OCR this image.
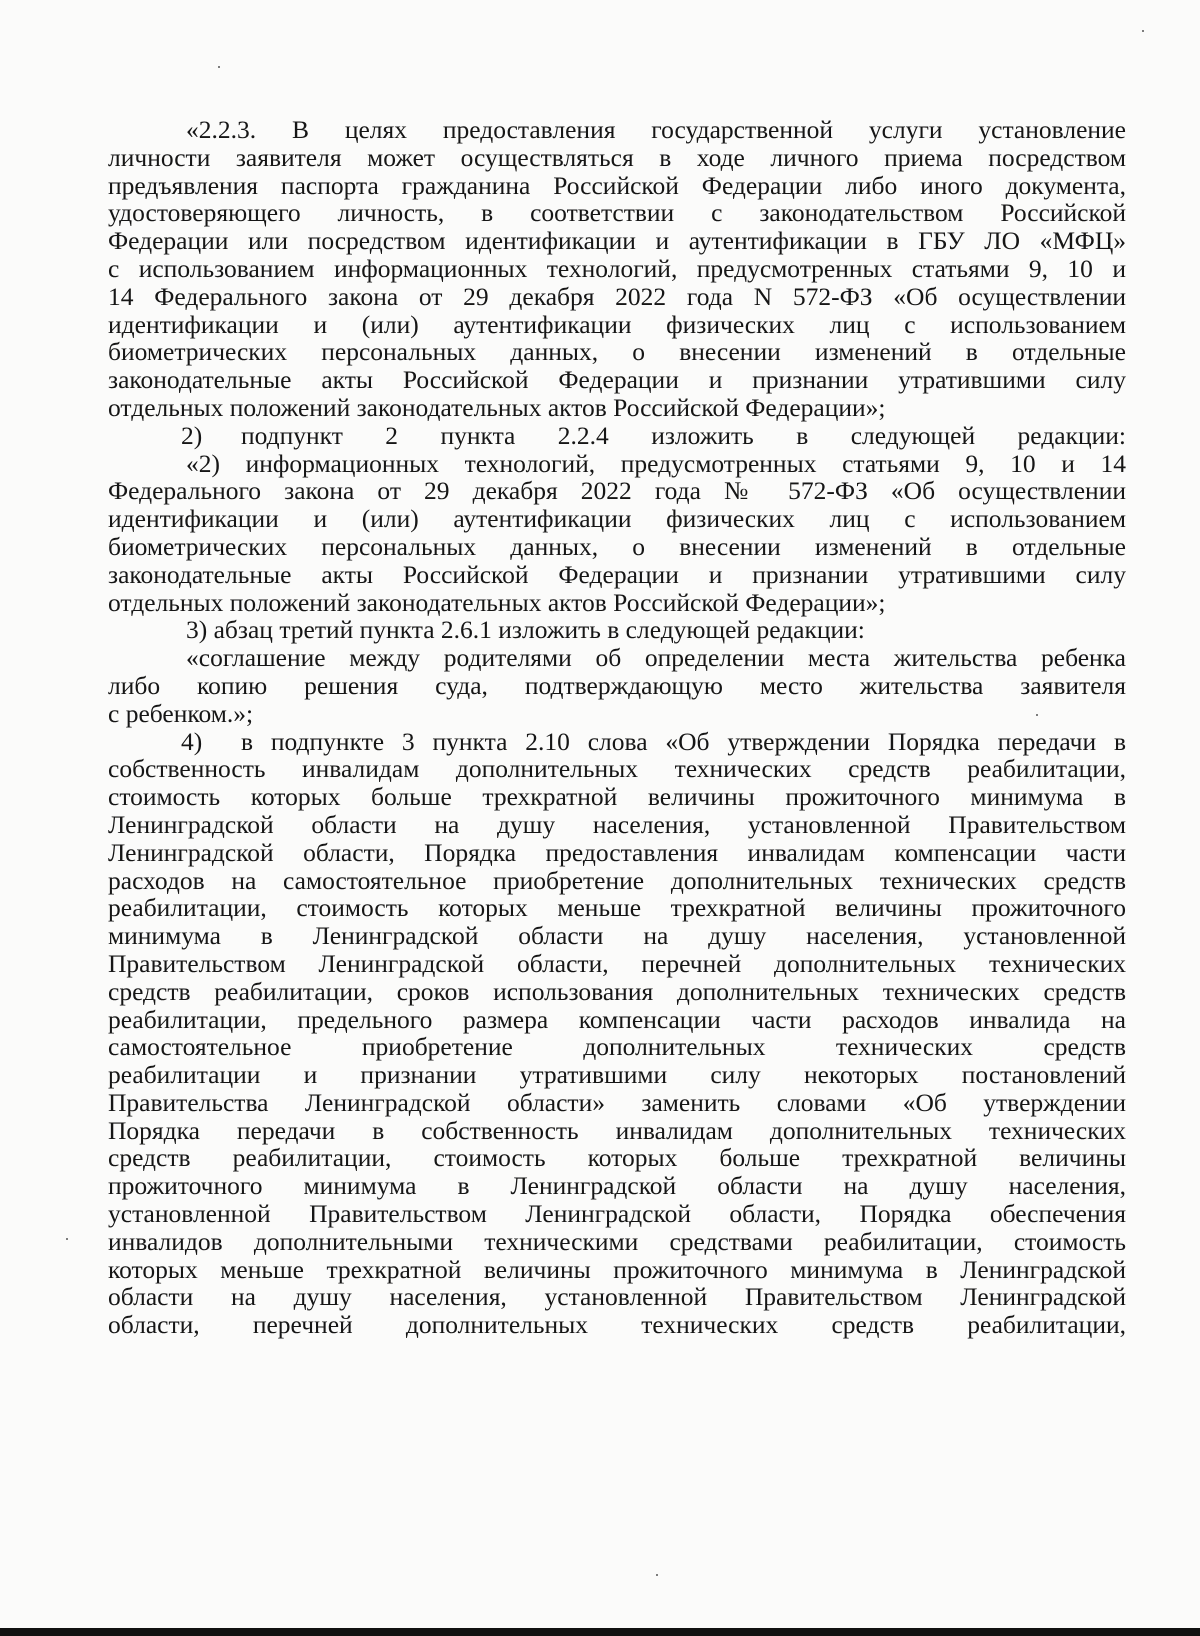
«2.2.3. В целях предоставления государственной услуги установление
личности заявителя может осуществляться в ходе личного приема посредством
предъявления паспорта гражданина Российской Федерации либо иного документа,
удостоверяющего личность, в соответствии с законодательством Российской
Федерации или посредством идентификации и аутентификации в ГБУ ЛО «МФЦ»
с использованием информационных технологий, предусмотренных статьями 9, 10 и
14 Федерального закона от 29 декабря 2022 года N 572-ФЗ «Об осуществлении
идентификации и (или) аутентификации физических лиц с использованием
биометрических персональных данных, о внесении изменений в отдельные
законодательные акты Российской Федерации и признании утратившими силу
отдельных положений законодательных актов Российской Федерации»;
2)	подпункт 2 пункта 2.2.4 изложить в следующей редакции:
«2) информационных технологий, предусмотренных статьями 9, 10 и 14
Федерального закона от 29 декабря 2022 года № 572-ФЗ «Об осуществлении
идентификации и (или) аутентификации физических лиц с использованием
биометрических персональных данных, о внесении изменений в отдельные
законодательные акты Российской Федерации и признании утратившими силу
отдельных положений законодательных актов Российской Федерации»;
3) абзац третий пункта 2.6.1 изложить в следующей редакции:
«соглашение между родителями об определении места жительства ребенка
либо копию решения суда, подтверждающую место жительства заявителя
с ребенком.»;
4)	в подпункте 3 пункта 2.10 слова «Об утверждении Порядка передачи в
собственность инвалидам дополнительных технических средств реабилитации,
стоимость которых больше трехкратной величины прожиточного минимума в
Ленинградской области на душу населения, установленной Правительством
Ленинградской области, Порядка предоставления инвалидам компенсации части
расходов на самостоятельное приобретение дополнительных технических средств
реабилитации, стоимость которых меньше трехкратной величины прожиточного
минимума в Ленинградской области на душу населения, установленной
Правительством Ленинградской области, перечней дополнительных технических
средств реабилитации, сроков использования дополнительных технических средств
реабилитации, предельного размера компенсации части расходов инвалида на
самостоятельное приобретение дополнительных технических средств
реабилитации и признании утратившими силу некоторых постановлений
Правительства Ленинградской области» заменить словами «Об утверждении
Порядка передачи в собственность инвалидам дополнительных технических
средств реабилитации, стоимость которых больше трехкратной величины
прожиточного минимума в Ленинградской области на душу населения,
установленной Правительством Ленинградской области, Порядка обеспечения
инвалидов дополнительными техническими средствами реабилитации, стоимость
которых меньше трехкратной величины прожиточного минимума в Ленинградской
области на душу населения, установленной Правительством Ленинградской
области, перечней дополнительных технических средств реабилитации,
